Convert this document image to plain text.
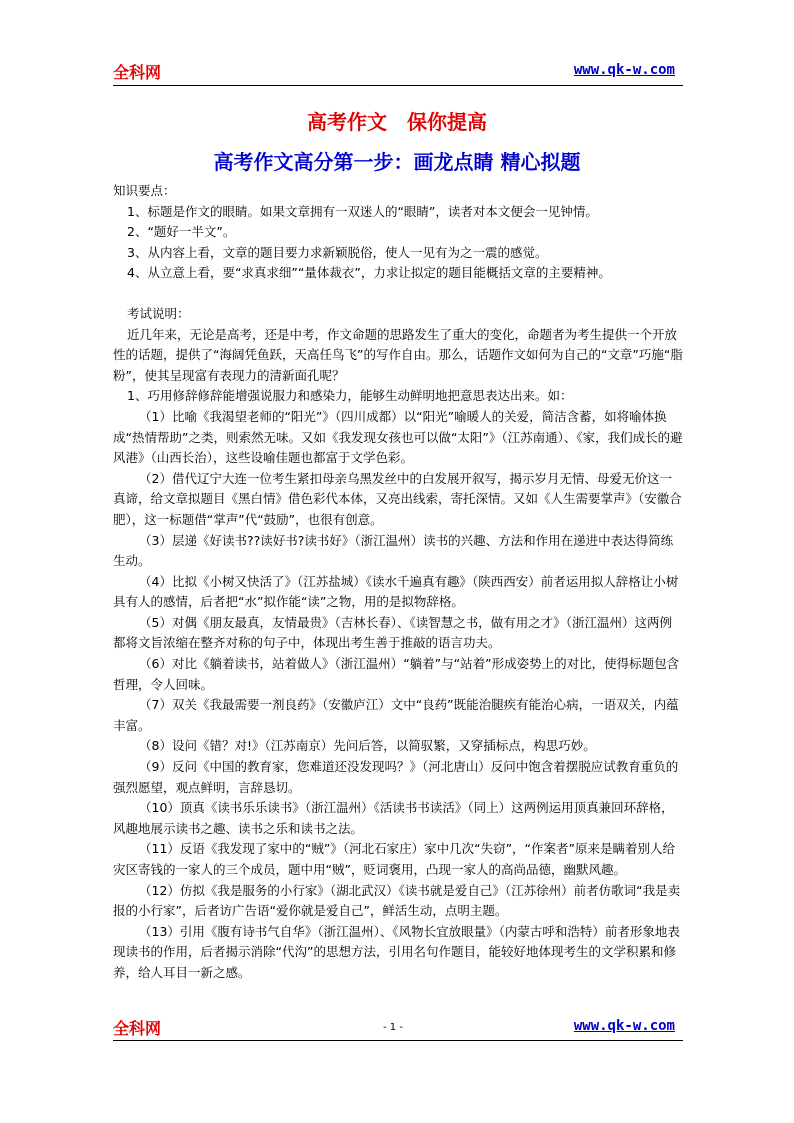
全科网	www.qk-w.com
高考作文　保你提高
高考作文高分第一步：画龙点睛 精心拟题

知识要点：

1、标题是作文的眼睛。如果文章拥有一双迷人的“眼睛”，读者对本文便会一见钟情。

2、“题好一半文”。

3、从内容上看，文章的题目要力求新颖脱俗，使人一见有为之一震的感觉。

4、从立意上看，要“求真求细”“量体裁衣”，力求让拟定的题目能概括文章的主要精神。

考试说明：

近几年来，无论是高考，还是中考，作文命题的思路发生了重大的变化，命题者为考生提供一个开放性的话题，提供了“海阔凭鱼跃，天高任鸟飞”的写作自由。那么，话题作文如何为自己的“文章”巧施“脂粉”，使其呈现富有表现力的清新面孔呢？

1、巧用修辞修辞能增强说服力和感染力，能够生动鲜明地把意思表达出来。如：

（1）比喻《我渴望老师的“阳光”》（四川成都）以“阳光”喻暖人的关爱，简洁含蓄，如将喻体换成“热情帮助”之类，则索然无味。又如《我发现女孩也可以做“太阳”》（江苏南通）、《家，我们成长的避风港》（山西长治），这些设喻佳题也都富于文学色彩。

（2）借代辽宁大连一位考生紧扣母亲乌黑发丝中的白发展开叙写，揭示岁月无情、母爱无价这一真谛，给文章拟题目《黑白情》借色彩代本体，又亮出线索，寄托深情。又如《人生需要掌声》（安徽合肥），这一标题借“掌声”代“鼓励”，也很有创意。

（3）层递《好读书??读好书?读书好》（浙江温州）读书的兴趣、方法和作用在递进中表达得简练生动。

（4）比拟《小树又快活了》（江苏盐城）《读水千遍真有趣》（陕西西安）前者运用拟人辞格让小树具有人的感情，后者把“水”拟作能“读”之物，用的是拟物辞格。

（5）对偶《朋友最真，友情最贵》（吉林长春）、《读智慧之书，做有用之才》（浙江温州）这两例都将文旨浓缩在整齐对称的句子中，体现出考生善于推敲的语言功夫。

（6）对比《躺着读书，站着做人》（浙江温州）“躺着”与“站着”形成姿势上的对比，使得标题包含哲理，令人回味。

（7）双关《我最需要一剂良药》（安徽庐江）文中“良药”既能治腿疾有能治心病，一语双关，内蕴丰富。

（8）设问《错？对!》（江苏南京）先问后答，以简驭繁，又穿插标点，构思巧妙。

（9）反问《中国的教育家，您难道还没发现吗？》（河北唐山）反问中饱含着摆脱应试教育重负的强烈愿望，观点鲜明，言辞恳切。

（10）顶真《读书乐乐读书》（浙江温州）《活读书书读活》（同上）这两例运用顶真兼回环辞格，风趣地展示读书之趣、读书之乐和读书之法。

（11）反语《我发现了家中的“贼”》（河北石家庄）家中几次“失窃”，“作案者”原来是瞒着别人给灾区寄钱的一家人的三个成员，题中用“贼”，贬词褒用，凸现一家人的高尚品德，幽默风趣。

（12）仿拟《我是服务的小行家》（湖北武汉）《读书就是爱自己》（江苏徐州）前者仿歌词“我是卖报的小行家”，后者访广告语“爱你就是爱自己”，鲜活生动，点明主题。

（13）引用《腹有诗书气自华》（浙江温州）、《风物长宜放眼量》（内蒙古呼和浩特）前者形象地表现读书的作用，后者揭示消除“代沟”的思想方法，引用名句作题目，能较好地体现考生的文学积累和修养，给人耳目一新之感。

全科网	- 1 -	www.qk-w.com
